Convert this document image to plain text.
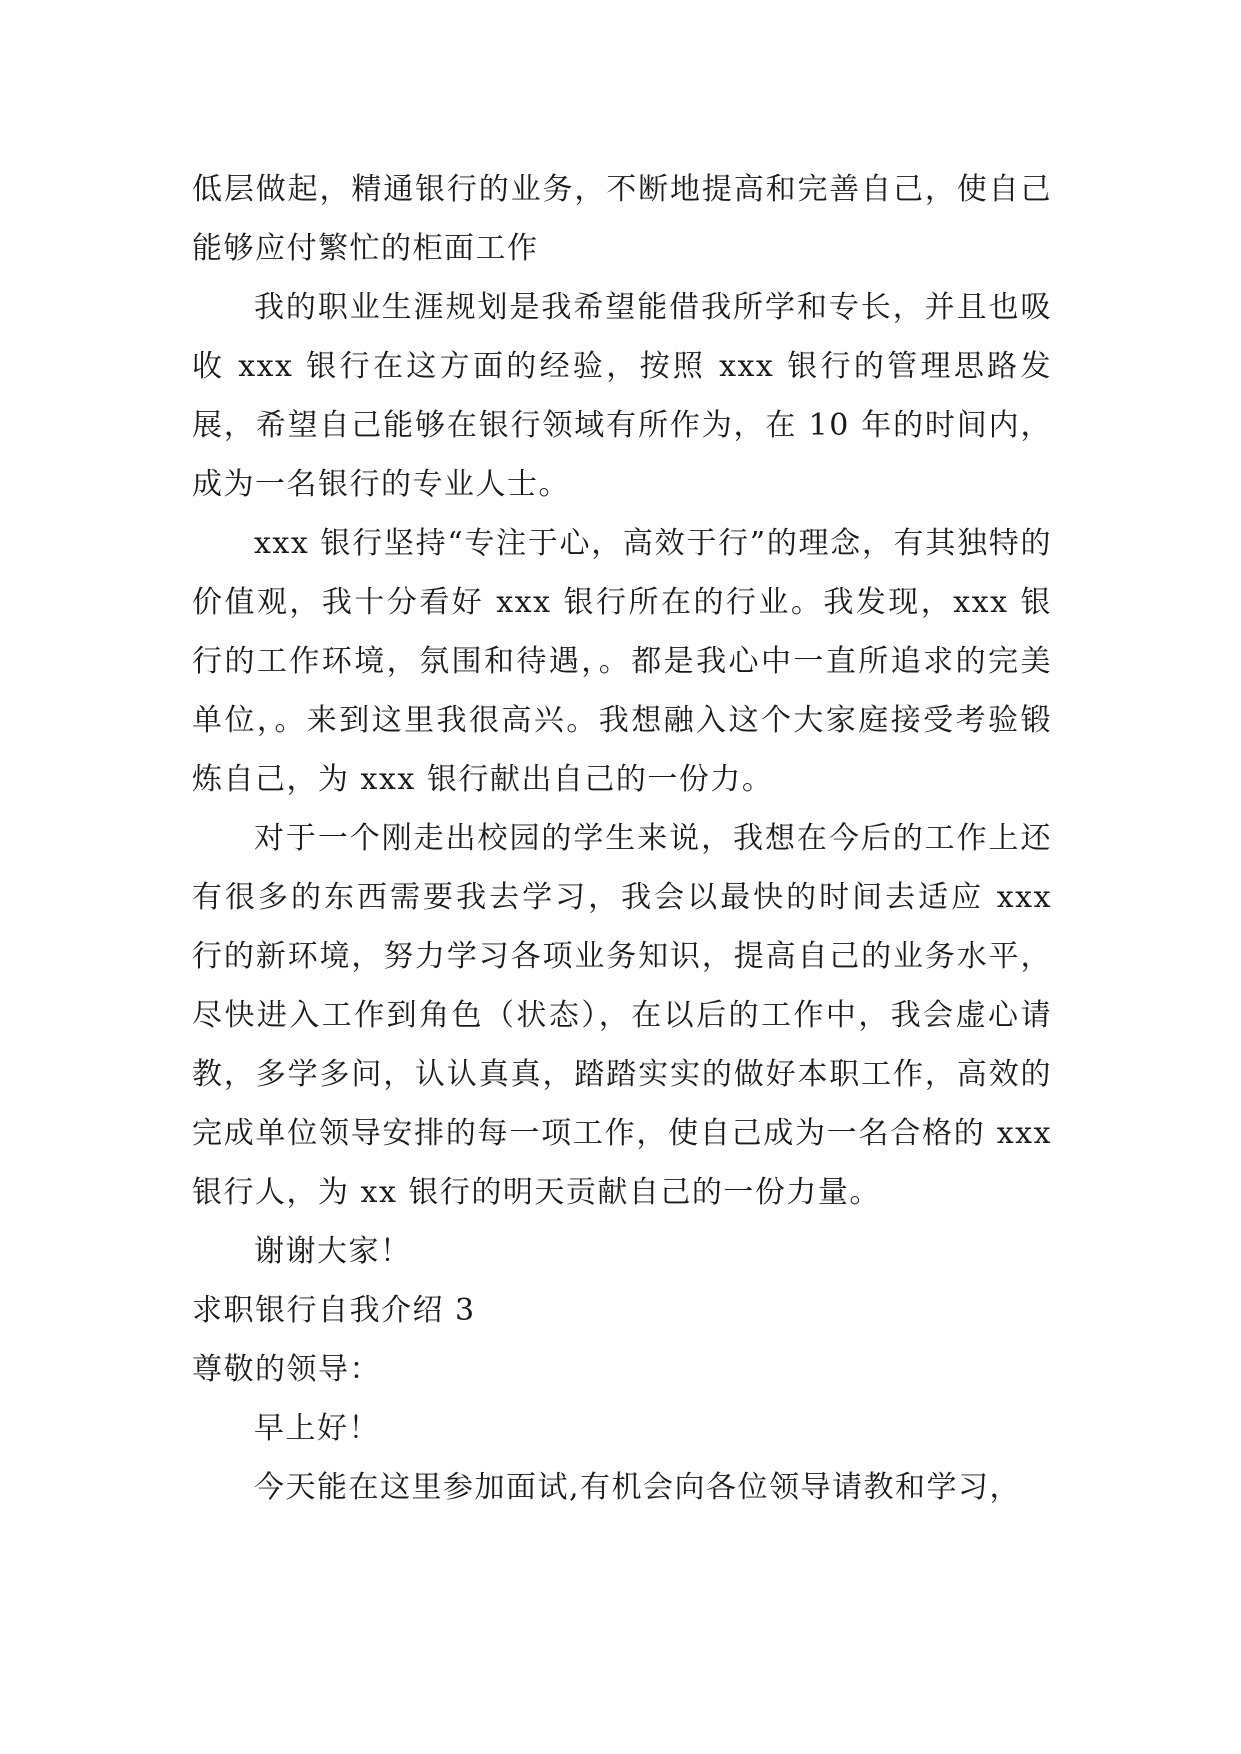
低层做起，精通银行的业务，不断地提高和完善自己，使自己能够应付繁忙的柜面工作

我的职业生涯规划是我希望能借我所学和专长，并且也吸收 xxx 银行在这方面的经验，按照 xxx 银行的管理思路发展，希望自己能够在银行领域有所作为，在 10 年的时间内，成为一名银行的专业人士。

xxx 银行坚持“专注于心，高效于行”的理念，有其独特的价值观，我十分看好 xxx 银行所在的行业。我发现，xxx 银行的工作环境，氛围和待遇，。都是我心中一直所追求的完美单位，。来到这里我很高兴。我想融入这个大家庭接受考验锻炼自己，为 xxx 银行献出自己的一份力。

对于一个刚走出校园的学生来说，我想在今后的工作上还有很多的东西需要我去学习，我会以最快的时间去适应 xxx 行的新环境，努力学习各项业务知识，提高自己的业务水平，尽快进入工作到角色（状态），在以后的工作中，我会虚心请教，多学多问，认认真真，踏踏实实的做好本职工作，高效的完成单位领导安排的每一项工作，使自己成为一名合格的 xxx 银行人，为 xx 银行的明天贡献自己的一份力量。

谢谢大家！

求职银行自我介绍 3

尊敬的领导：

早上好！

今天能在这里参加面试,有机会向各位领导请教和学习，
